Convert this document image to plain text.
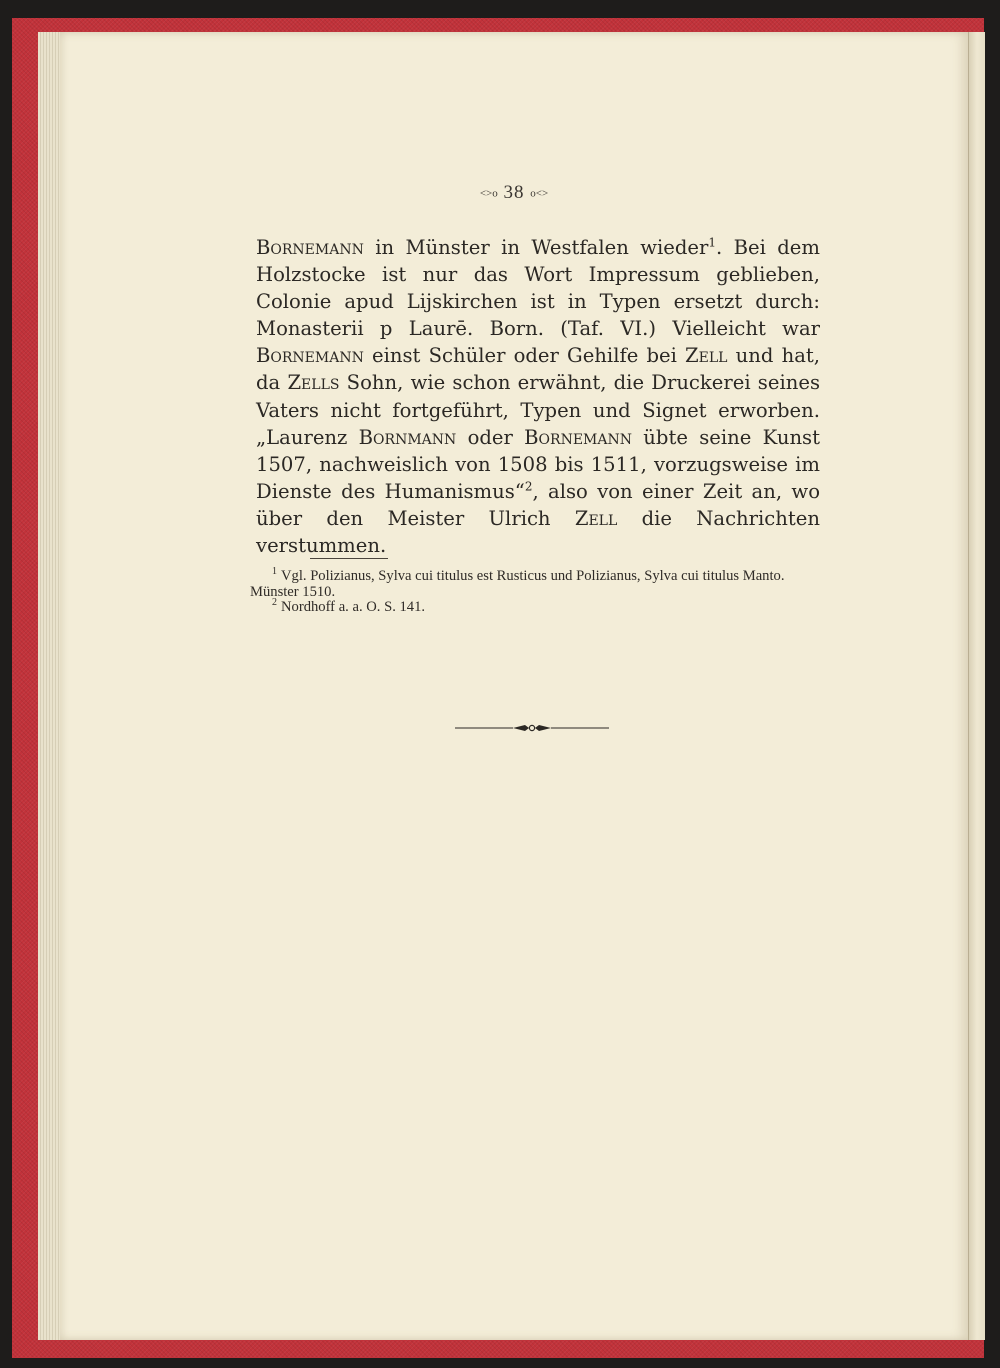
<>o 38 o<>

Bornemann in Münster in Westfalen wieder$^1$. Bei dem Holzstocke ist nur das Wort Impressum geblieben, Colonie apud Lijskirchen ist in Typen ersetzt durch: Monasterii p Laurē. Born. (Taf. VI.) Vielleicht war Bornemann einst Schüler oder Gehilfe bei Zell und hat, da Zells Sohn, wie schon erwähnt, die Druckerei seines Vaters nicht fortgeführt, Typen und Signet erworben. „Laurenz Bornmann oder Bornemann übte seine Kunst 1507, nachweislich von 1508 bis 1511, vorzugsweise im Dienste des Humanismus“$^2$, also von einer Zeit an, wo über den Meister Ulrich Zell die Nachrichten verstummen.

$^1$ Vgl. Polizianus, Sylva cui titulus est Rusticus und Polizianus, Sylva cui titulus Manto. Münster 1510.

$^2$ Nordhoff a. a. O. S. 141.
